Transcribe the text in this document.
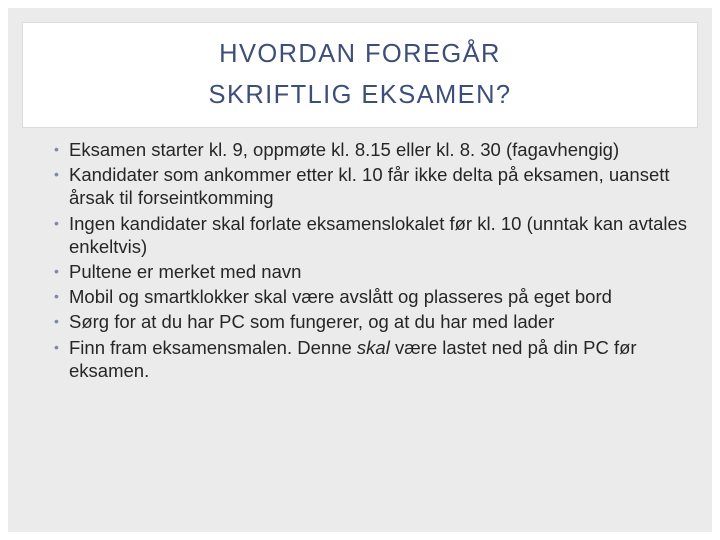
HVORDAN FOREGÅR SKRIFTLIG EKSAMEN?
• Eksamen starter kl. 9, oppmøte kl. 8.15 eller kl. 8. 30 (fagavhengig)
• Kandidater som ankommer etter kl. 10 får ikke delta på eksamen, uansett årsak til forseintkomming
• Ingen kandidater skal forlate eksamenslokalet før kl. 10 (unntak kan avtales enkeltvis)
• Pultene er merket med navn
• Mobil og smartklokker skal være avslått og plasseres på eget bord
• Sørg for at du har PC som fungerer, og at du har med lader
• Finn fram eksamensmalen. Denne skal være lastet ned på din PC før eksamen.
